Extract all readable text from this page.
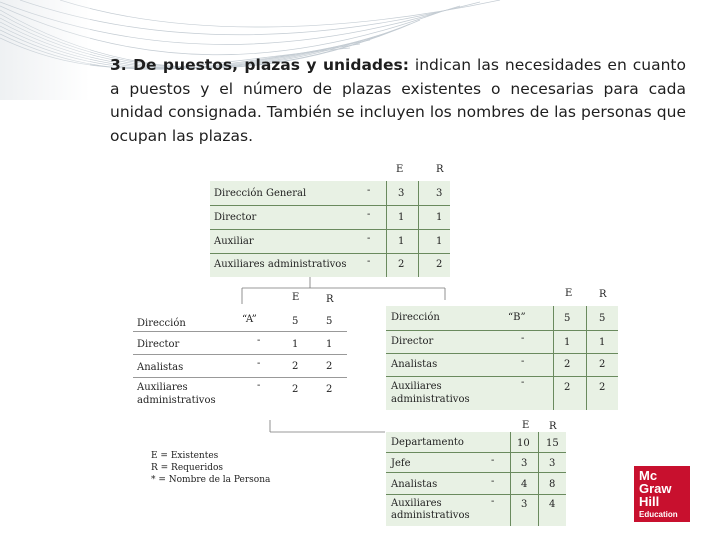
3. De puestos, plazas y unidades: indican las necesidades en cuanto a puestos y el número de plazas existentes o necesarias para cada unidad consignada. También se incluyen los nombres de las personas que ocupan las plazas.
E	R
Dirección General	-	3	3
Director	-	1	1
Auxiliar	-	1	1
Auxiliares administrativos -	2	2
E	R
Dirección	“A”	5	5
Director	-	1	1
Analistas	-	2	2
Auxiliares administrativos
-	2	2
E	R
Dirección	“B”	5	5
Director	-	1	1
Analistas	-	2	2
Auxiliares administrativos
-	2	2
E R
Departamento	10 15
Jefe	-	3 3
Analistas	-	4 8
Auxiliares administrativos
-	3 4
E = Existentes
R = Requeridos
* = Nombre de la Persona	Mc
Graw
Hill
Education
